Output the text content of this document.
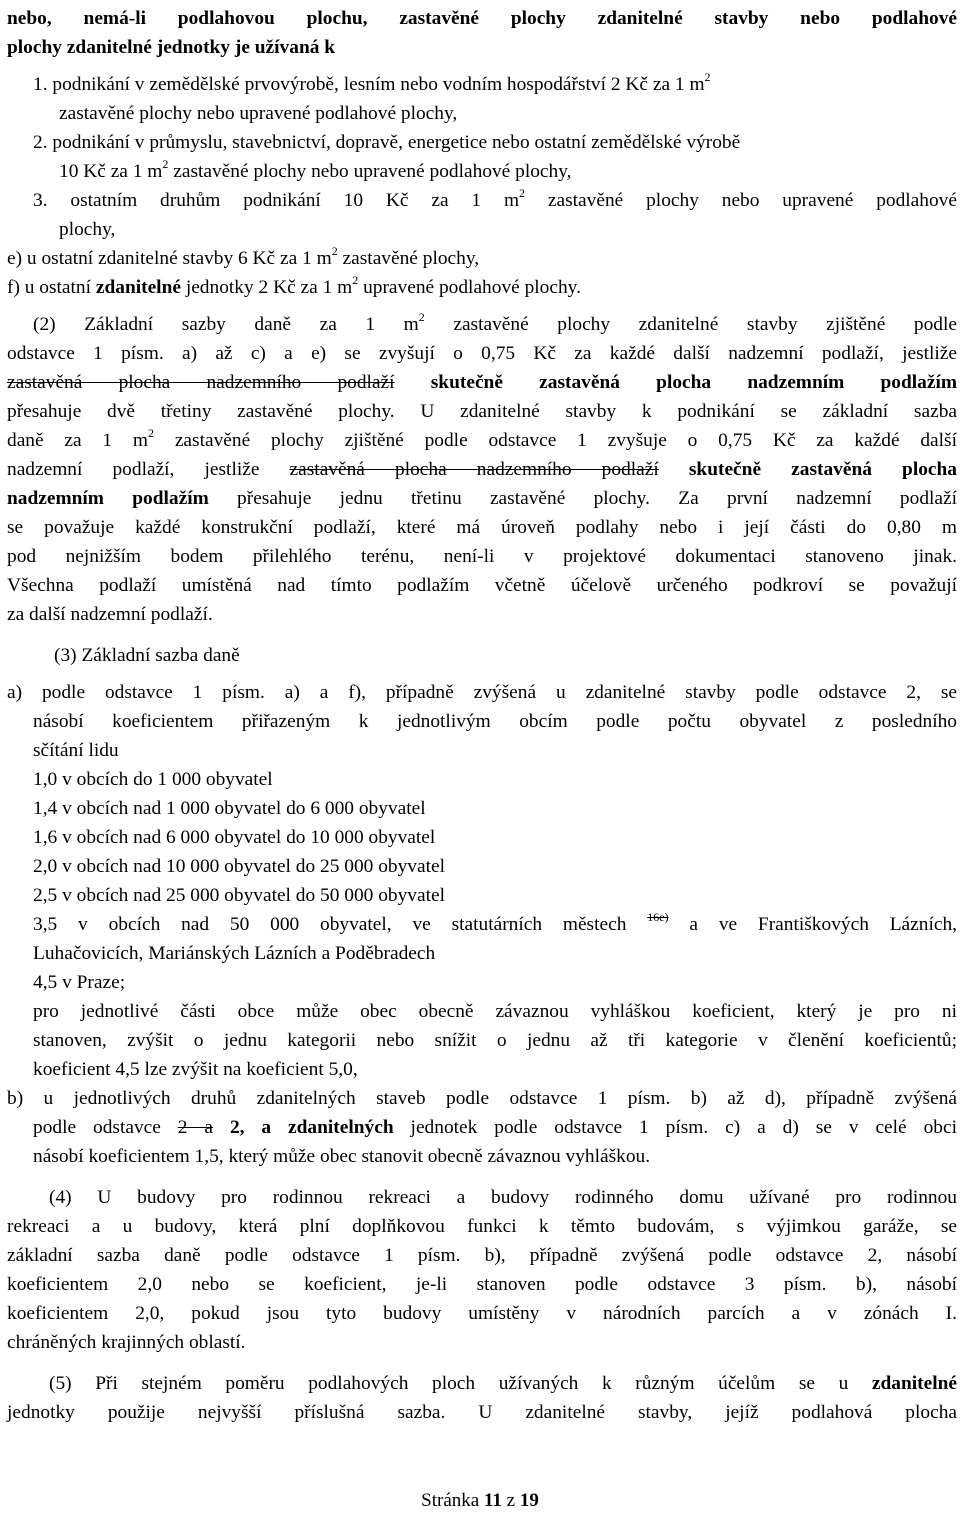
nebo, nemá-li podlahovou plochu, zastavěné plochy zdanitelné stavby nebo podlahové

plochy zdanitelné jednotky je užívaná k

1. podnikání v zemědělské prvovýrobě, lesním nebo vodním hospodářství 2 Kč za 1 $m^2$

zastavěné plochy nebo upravené podlahové plochy,

2. podnikání v průmyslu, stavebnictví, dopravě, energetice nebo ostatní zemědělské výrobě

10 Kč za 1 $m^2$ zastavěné plochy nebo upravené podlahové plochy,

3. ostatním druhům podnikání 10 Kč za 1 $m^2$ zastavěné plochy nebo upravené podlahové

plochy,

e) u ostatní zdanitelné stavby 6 Kč za 1 $m^2$ zastavěné plochy,

f) u ostatní zdanitelné jednotky 2 Kč za 1 $m^2$ upravené podlahové plochy.

(2) Základní sazby daně za 1 $m^2$ zastavěné plochy zdanitelné stavby zjištěné podle

odstavce 1 písm. a) až c) a e) se zvyšují o 0,75 Kč za každé další nadzemní podlaží, jestliže

zastavěná plocha nadzemního podlaží skutečně zastavěná plocha nadzemním podlažím

přesahuje dvě třetiny zastavěné plochy. U zdanitelné stavby k podnikání se základní sazba

daně za 1 $m^2$ zastavěné plochy zjištěné podle odstavce 1 zvyšuje o 0,75 Kč za každé další

nadzemní podlaží, jestliže zastavěná plocha nadzemního podlaží skutečně zastavěná plocha

nadzemním podlažím přesahuje jednu třetinu zastavěné plochy. Za první nadzemní podlaží

se považuje každé konstrukční podlaží, které má úroveň podlahy nebo i její části do 0,80 m

pod nejnižším bodem přilehlého terénu, není-li v projektové dokumentaci stanoveno jinak.

Všechna podlaží umístěná nad tímto podlažím včetně účelově určeného podkroví se považují

za další nadzemní podlaží.

(3) Základní sazba daně

a) podle odstavce 1 písm. a) a f), případně zvýšená u zdanitelné stavby podle odstavce 2, se

násobí koeficientem přiřazeným k jednotlivým obcím podle počtu obyvatel z posledního

sčítání lidu

1,0 v obcích do 1 000 obyvatel

1,4 v obcích nad 1 000 obyvatel do 6 000 obyvatel

1,6 v obcích nad 6 000 obyvatel do 10 000 obyvatel

2,0 v obcích nad 10 000 obyvatel do 25 000 obyvatel

2,5 v obcích nad 25 000 obyvatel do 50 000 obyvatel

3,5 v obcích nad 50 000 obyvatel, ve statutárních městech $^{16e)}$ a ve Františkových Lázních,

Luhačovicích, Mariánských Lázních a Poděbradech

4,5 v Praze;

pro jednotlivé části obce může obec obecně závaznou vyhláškou koeficient, který je pro ni

stanoven, zvýšit o jednu kategorii nebo snížit o jednu až tři kategorie v členění koeficientů;

koeficient 4,5 lze zvýšit na koeficient 5,0,

b) u jednotlivých druhů zdanitelných staveb podle odstavce 1 písm. b) až d), případně zvýšená

podle odstavce 2 a 2, a zdanitelných jednotek podle odstavce 1 písm. c) a d) se v celé obci

násobí koeficientem 1,5, který může obec stanovit obecně závaznou vyhláškou.

(4) U budovy pro rodinnou rekreaci a budovy rodinného domu užívané pro rodinnou

rekreaci a u budovy, která plní doplňkovou funkci k těmto budovám, s výjimkou garáže, se

základní sazba daně podle odstavce 1 písm. b), případně zvýšená podle odstavce 2, násobí

koeficientem 2,0 nebo se koeficient, je-li stanoven podle odstavce 3 písm. b), násobí

koeficientem 2,0, pokud jsou tyto budovy umístěny v národních parcích a v zónách I.

chráněných krajinných oblastí.

(5) Při stejném poměru podlahových ploch užívaných k různým účelům se u zdanitelné

jednotky použije nejvyšší příslušná sazba. U zdanitelné stavby, jejíž podlahová plocha

Stránka 11 z 19
